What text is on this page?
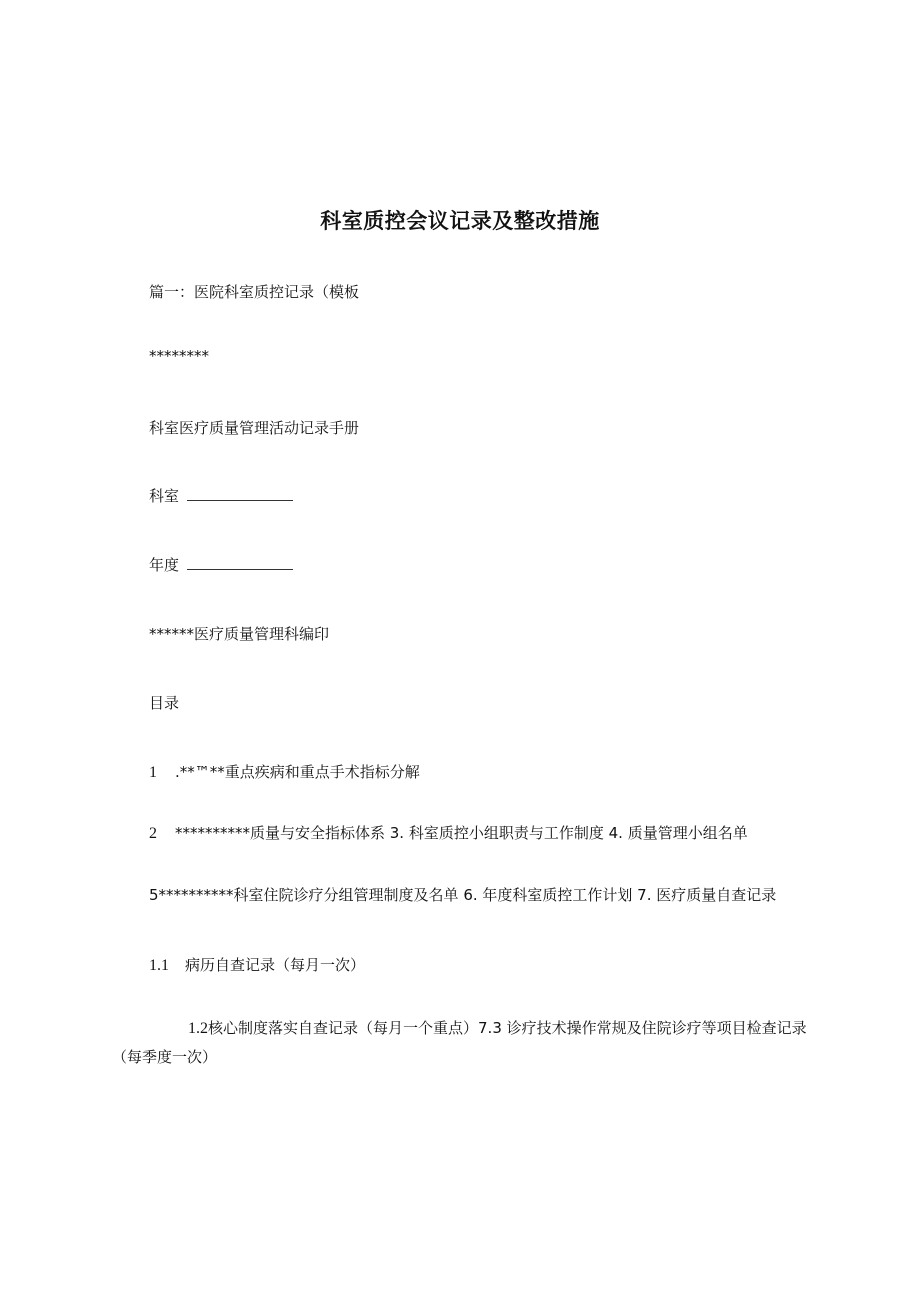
科室质控会议记录及整改措施
篇一：医院科室质控记录（模板
********
科室医疗质量管理活动记录手册
科室
年度
******医疗质量管理科编印
目录
1 .**™**重点疾病和重点手术指标分解
2 **********质量与安全指标体系 3. 科室质控小组职责与工作制度 4. 质量管理小组名单
5**********科室住院诊疗分组管理制度及名单 6. 年度科室质控工作计划 7. 医疗质量自查记录
1.1 病历自查记录（每月一次）
1.2核心制度落实自查记录（每月一个重点）7.3 诊疗技术操作常规及住院诊疗等项目检查记录（每季度一次）
